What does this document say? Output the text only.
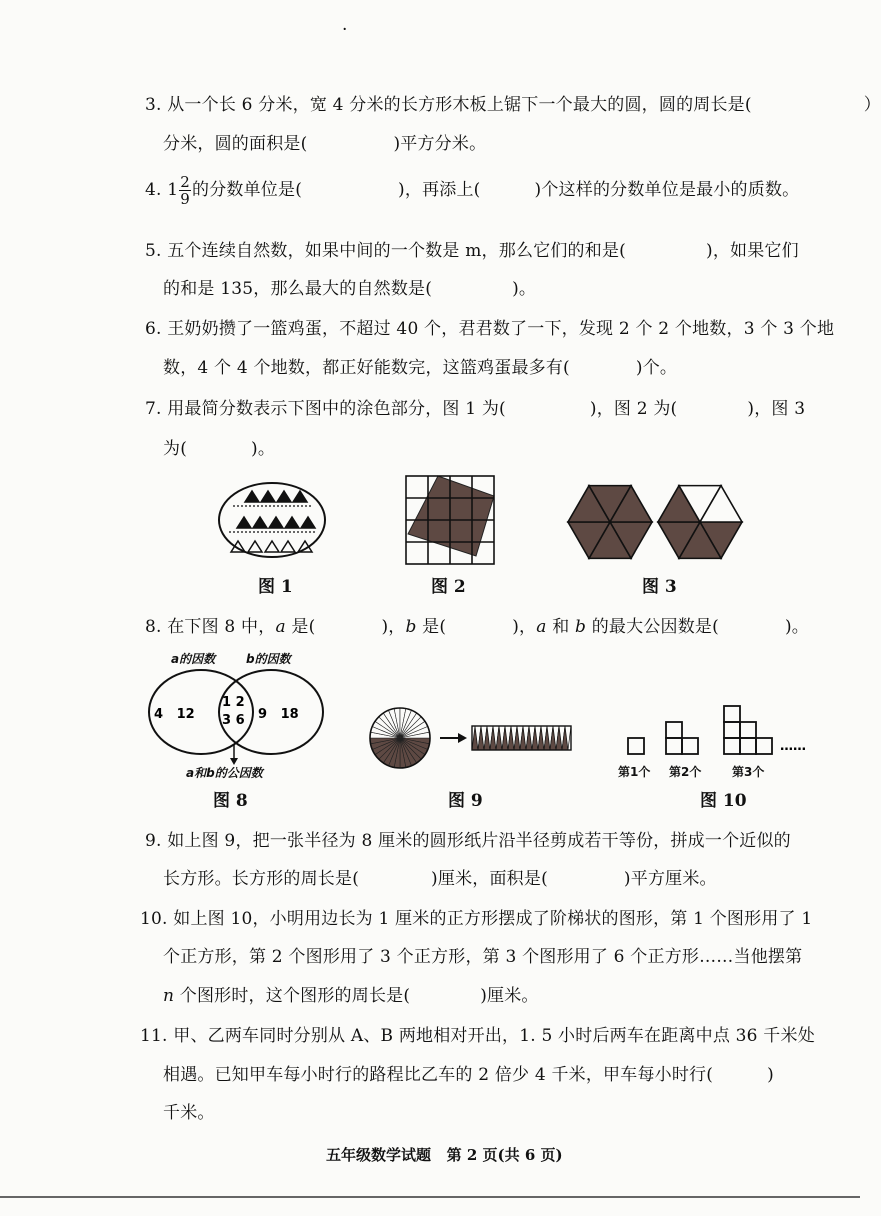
·
3. 从一个长 6 分米，宽 4 分米的长方形木板上锯下一个最大的圆，圆的周长是(	）
分米，圆的面积是(	)平方分米。
4. $1 \frac{2}{9}$ 的分数单位是(	)，再添上(	)个这样的分数单位是最小的质数。
5. 五个连续自然数，如果中间的一个数是 m，那么它们的和是(	)，如果它们
的和是 135，那么最大的自然数是(	)。
6. 王奶奶攒了一篮鸡蛋，不超过 40 个，君君数了一下，发现 2 个 2 个地数，3 个 3 个地
数，4 个 4 个地数，都正好能数完，这篮鸡蛋最多有(	)个。
7. 用最简分数表示下图中的涂色部分，图 1 为(	)，图 2 为(	)，图 3
为(	)。
图 1	图 2	图 3
8. 在下图 8 中，a 是(	)，b 是(	)，a 和 b 的最大公因数是(	)。
a的因数	b的因数
4   12
1 2
3 6 9   18
a和b的公因数
图 8	图 9
……
第1个 第2个	第3个
图 10
9. 如上图 9，把一张半径为 8 厘米的圆形纸片沿半径剪成若干等份，拼成一个近似的
长方形。长方形的周长是(	)厘米，面积是(	)平方厘米。
10. 如上图 10，小明用边长为 1 厘米的正方形摆成了阶梯状的图形，第 1 个图形用了 1
个正方形，第 2 个图形用了 3 个正方形，第 3 个图形用了 6 个正方形……当他摆第
n 个图形时，这个图形的周长是(	)厘米。
11. 甲、乙两车同时分别从 A、B 两地相对开出，1. 5 小时后两车在距离中点 36 千米处
相遇。已知甲车每小时行的路程比乙车的 2 倍少 4 千米，甲车每小时行(	)
千米。
五年级数学试题   第 2 页(共 6 页)
